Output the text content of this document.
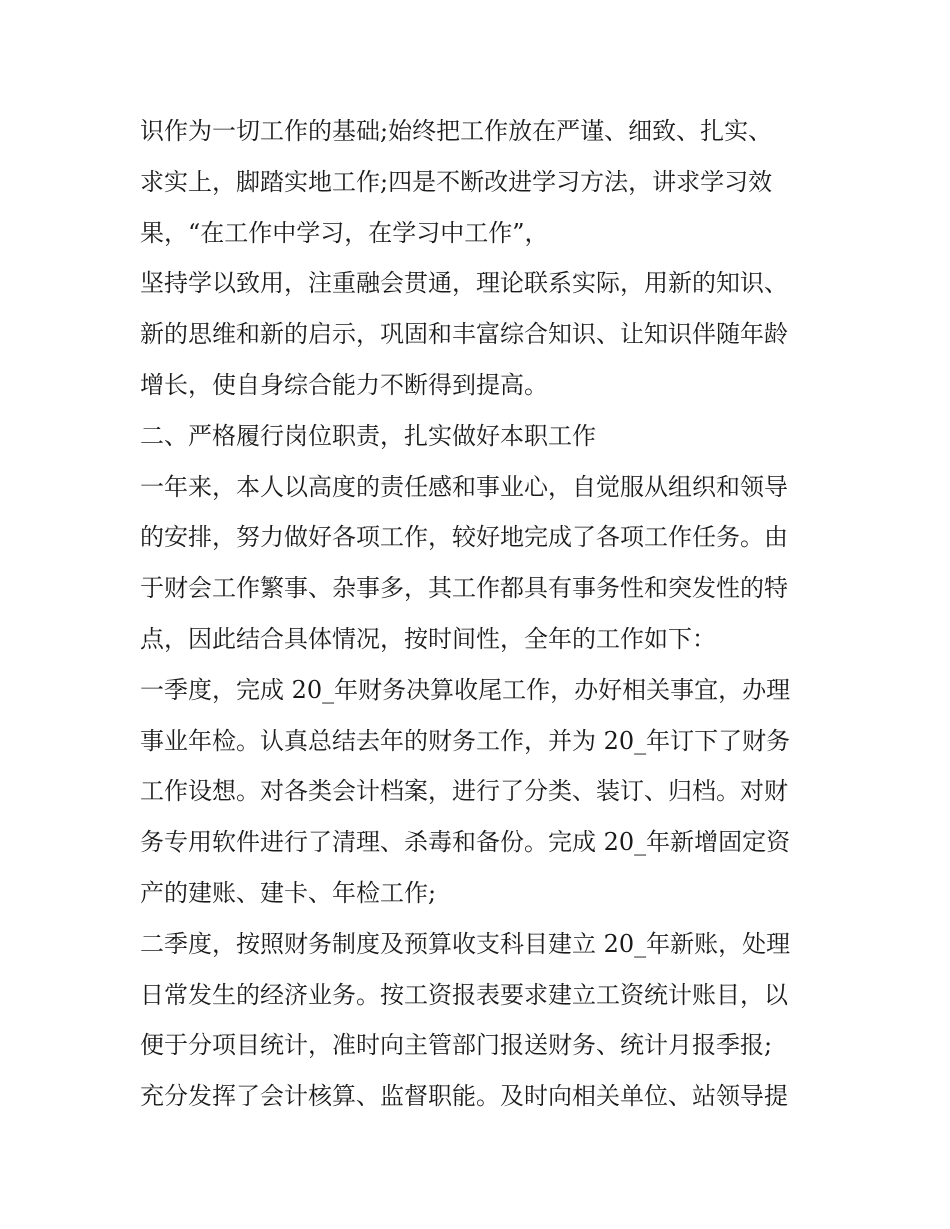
识作为一切工作的基础;始终把工作放在严谨、细致、扎实、
求实上，脚踏实地工作;四是不断改进学习方法，讲求学习效
果，“在工作中学习，在学习中工作”，
坚持学以致用，注重融会贯通，理论联系实际，用新的知识、
新的思维和新的启示，巩固和丰富综合知识、让知识伴随年龄
增长，使自身综合能力不断得到提高。
二、严格履行岗位职责，扎实做好本职工作
一年来，本人以高度的责任感和事业心，自觉服从组织和领导
的安排，努力做好各项工作，较好地完成了各项工作任务。由
于财会工作繁事、杂事多，其工作都具有事务性和突发性的特
点，因此结合具体情况，按时间性，全年的工作如下：
一季度，完成 20_年财务决算收尾工作，办好相关事宜，办理
事业年检。认真总结去年的财务工作，并为 20_年订下了财务
工作设想。对各类会计档案，进行了分类、装订、归档。对财
务专用软件进行了清理、杀毒和备份。完成 20_年新增固定资
产的建账、建卡、年检工作;
二季度，按照财务制度及预算收支科目建立 20_年新账，处理
日常发生的经济业务。按工资报表要求建立工资统计账目，以
便于分项目统计，准时向主管部门报送财务、统计月报季报;
充分发挥了会计核算、监督职能。及时向相关单位、站领导提
